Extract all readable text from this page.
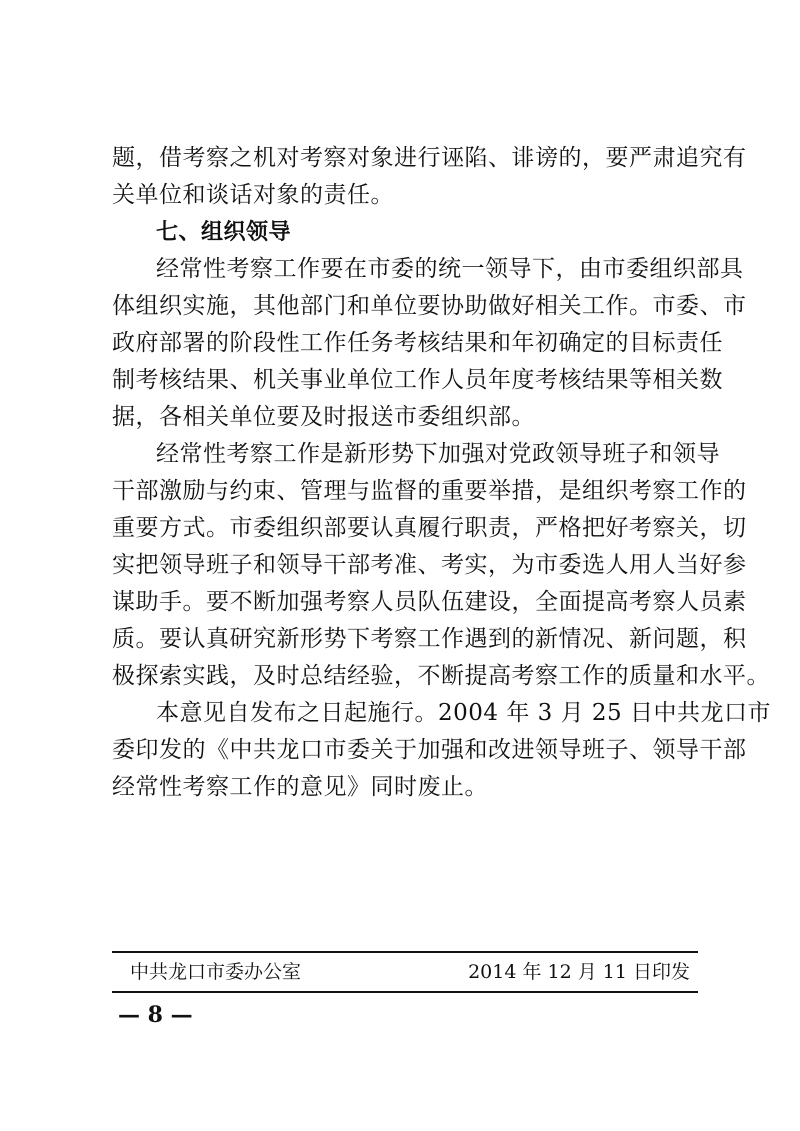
题，借考察之机对考察对象进行诬陷、诽谤的，要严肃追究有
关单位和谈话对象的责任。
七、组织领导
经常性考察工作要在市委的统一领导下，由市委组织部具
体组织实施，其他部门和单位要协助做好相关工作。市委、市
政府部署的阶段性工作任务考核结果和年初确定的目标责任
制考核结果、机关事业单位工作人员年度考核结果等相关数
据，各相关单位要及时报送市委组织部。
经常性考察工作是新形势下加强对党政领导班子和领导
干部激励与约束、管理与监督的重要举措，是组织考察工作的
重要方式。市委组织部要认真履行职责，严格把好考察关，切
实把领导班子和领导干部考准、考实，为市委选人用人当好参
谋助手。要不断加强考察人员队伍建设，全面提高考察人员素
质。要认真研究新形势下考察工作遇到的新情况、新问题，积
极探索实践，及时总结经验，不断提高考察工作的质量和水平。
本意见自发布之日起施行。2004 年 3 月 25 日中共龙口市
委印发的《中共龙口市委关于加强和改进领导班子、领导干部
经常性考察工作的意见》同时废止。
中共龙口市委办公室	2014 年 12 月 11 日印发
— 8 —
